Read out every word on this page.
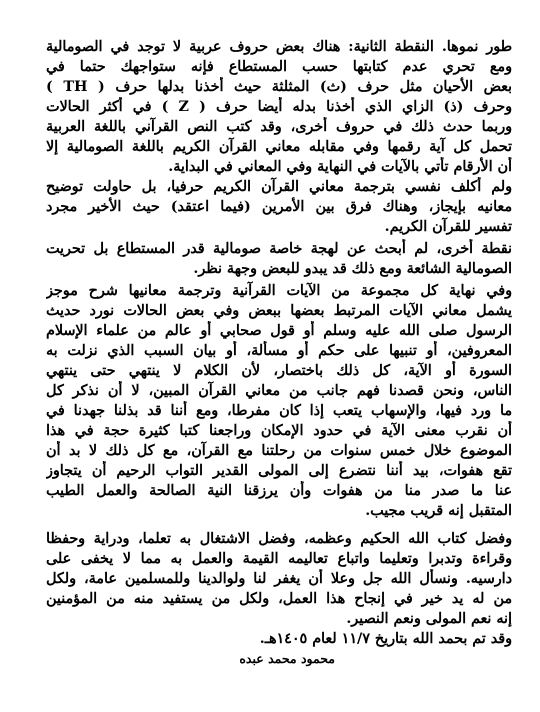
طور نموها. النقطة الثانية: هناك بعض حروف عربية لا توجد في الصومالية
ومع تحري عدم كتابتها حسب المستطاع فإنه ستواجهك حتما في
بعض الأحيان مثل حرف (ث) المثلثة حيث أخذنا بدلها حرف ( TH )
وحرف (ذ) الزاي الذي أخذنا بدله أيضا حرف ( Z ) في أكثر الحالات
وربما حدث ذلك في حروف أخرى، وقد كتب النص القرآني باللغة العربية
تحمل كل آية رقمها وفي مقابله معاني القرآن الكريم باللغة الصومالية إلا
أن الأرقام تأتي بالآيات في النهاية وفي المعاني في البداية.
ولم أكلف نفسي بترجمة معاني القرآن الكريم حرفيا، بل حاولت توضيح
معانيه بإيجاز، وهناك فرق بين الأمرين (فيما اعتقد) حيث الأخير مجرد
تفسير للقرآن الكريم.
نقطة أخرى، لم أبحث عن لهجة خاصة صومالية قدر المستطاع بل تحريت
الصومالية الشائعة ومع ذلك قد يبدو للبعض وجهة نظر.
وفي نهاية كل مجموعة من الآيات القرآنية وترجمة معانيها شرح موجز
يشمل معاني الآيات المرتبط بعضها ببعض وفي بعض الحالات نورد حديث
الرسول صلى الله عليه وسلم أو قول صحابي أو عالم من علماء الإسلام
المعروفين، أو تنبيها على حكم أو مسألة، أو بيان السبب الذي نزلت به
السورة أو الآية، كل ذلك باختصار، لأن الكلام لا ينتهي حتى ينتهي
الناس، ونحن قصدنا فهم جانب من معاني القرآن المبين، لا أن نذكر كل
ما ورد فيها، والإسهاب يتعب إذا كان مفرطا، ومع أننا قد بذلنا جهدنا في
أن نقرب معنى الآية في حدود الإمكان وراجعنا كتبا كثيرة حجة في هذا
الموضوع خلال خمس سنوات من رحلتنا مع القرآن، مع كل ذلك لا بد أن
تقع هفوات، بيد أننا نتضرع إلى المولى القدير التواب الرحيم أن يتجاوز
عنا ما صدر منا من هفوات وأن يرزقنا النية الصالحة والعمل الطيب
المتقبل إنه قريب مجيب.
وفضل كتاب الله الحكيم وعظمه، وفضل الاشتغال به تعلما، ودراية وحفظا
وقراءة وتدبرا وتعليما واتباع تعاليمه القيمة والعمل به مما لا يخفى على
دارسيه. ونسأل الله جل وعلا أن يغفر لنا ولوالدينا وللمسلمين عامة، ولكل
من له يد خير في إنجاح هذا العمل، ولكل من يستفيد منه من المؤمنين
إنه نعم المولى ونعم النصير.
وقد تم بحمد الله بتاريخ ١١/٧ لعام ١٤٠٥هـ.
محمود محمد عبده
